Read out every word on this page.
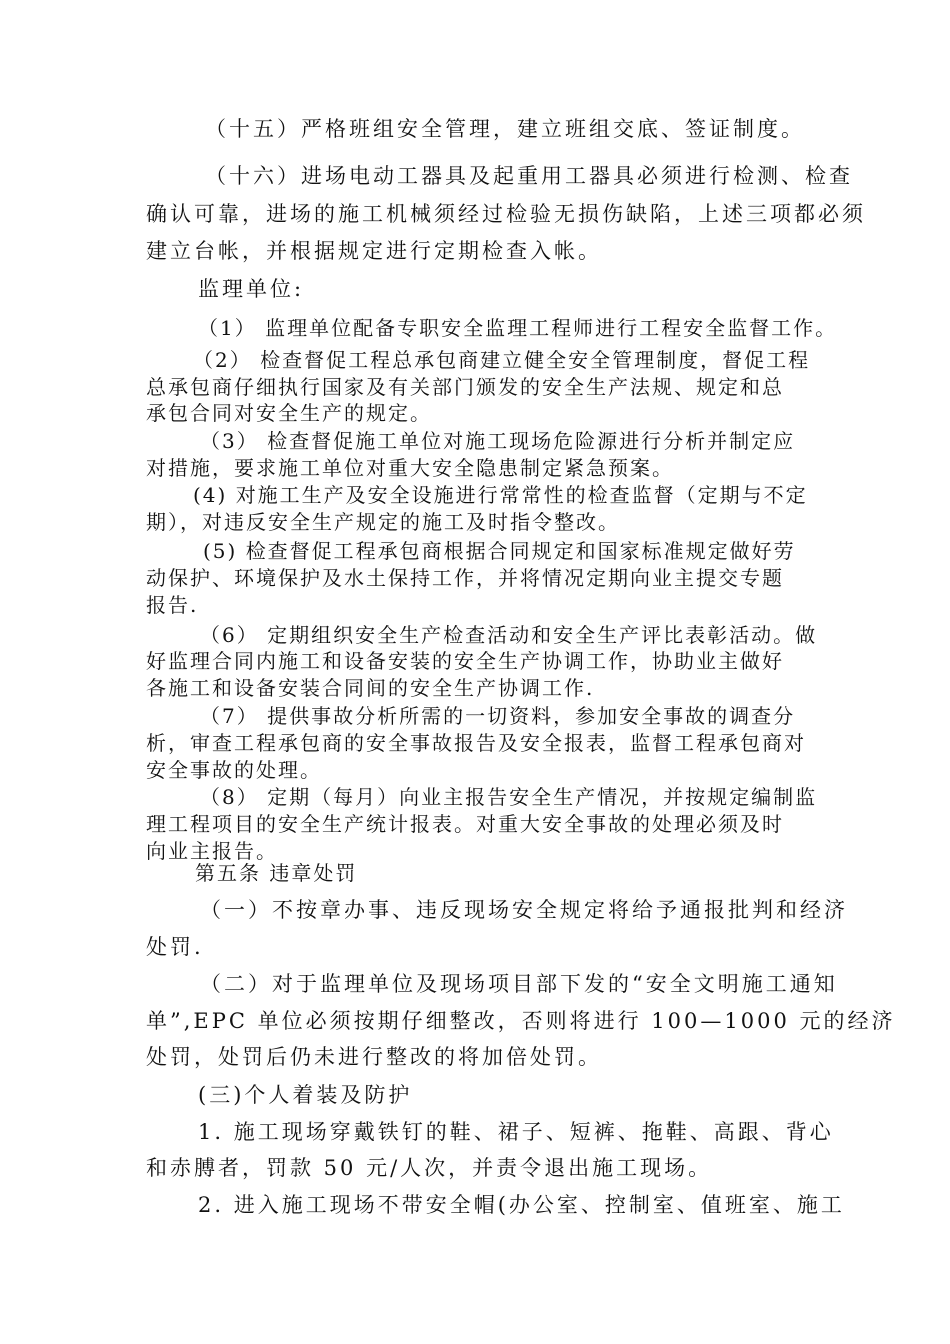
（十五）严格班组安全管理，建立班组交底、签证制度。
（十六）进场电动工器具及起重用工器具必须进行检测、检查
确认可靠，进场的施工机械须经过检验无损伤缺陷，上述三项都必须
建立台帐，并根据规定进行定期检查入帐。
监理单位:
（1） 监理单位配备专职安全监理工程师进行工程安全监督工作。
（2） 检查督促工程总承包商建立健全安全管理制度，督促工程
总承包商仔细执行国家及有关部门颁发的安全生产法规、规定和总
承包合同对安全生产的规定。
（3） 检查督促施工单位对施工现场危险源进行分析并制定应
对措施，要求施工单位对重大安全隐患制定紧急预案。
(4) 对施工生产及安全设施进行常常性的检查监督（定期与不定
期），对违反安全生产规定的施工及时指令整改。
(5) 检查督促工程承包商根据合同规定和国家标准规定做好劳
动保护、环境保护及水土保持工作，并将情况定期向业主提交专题
报告.
（6） 定期组织安全生产检查活动和安全生产评比表彰活动。做
好监理合同内施工和设备安装的安全生产协调工作，协助业主做好
各施工和设备安装合同间的安全生产协调工作.
（7） 提供事故分析所需的一切资料，参加安全事故的调查分
析，审查工程承包商的安全事故报告及安全报表，监督工程承包商对
安全事故的处理。
（8） 定期（每月）向业主报告安全生产情况，并按规定编制监
理工程项目的安全生产统计报表。对重大安全事故的处理必须及时
向业主报告。
第五条 违章处罚
（一）不按章办事、违反现场安全规定将给予通报批判和经济
处罚.
（二）对于监理单位及现场项目部下发的“安全文明施工通知
单”,EPC 单位必须按期仔细整改，否则将进行 100—1000 元的经济
处罚，处罚后仍未进行整改的将加倍处罚。
(三)个人着装及防护
1. 施工现场穿戴铁钉的鞋、裙子、短裤、拖鞋、高跟、背心
和赤膊者，罚款 50 元/人次，并责令退出施工现场。
2. 进入施工现场不带安全帽(办公室、控制室、值班室、施工
